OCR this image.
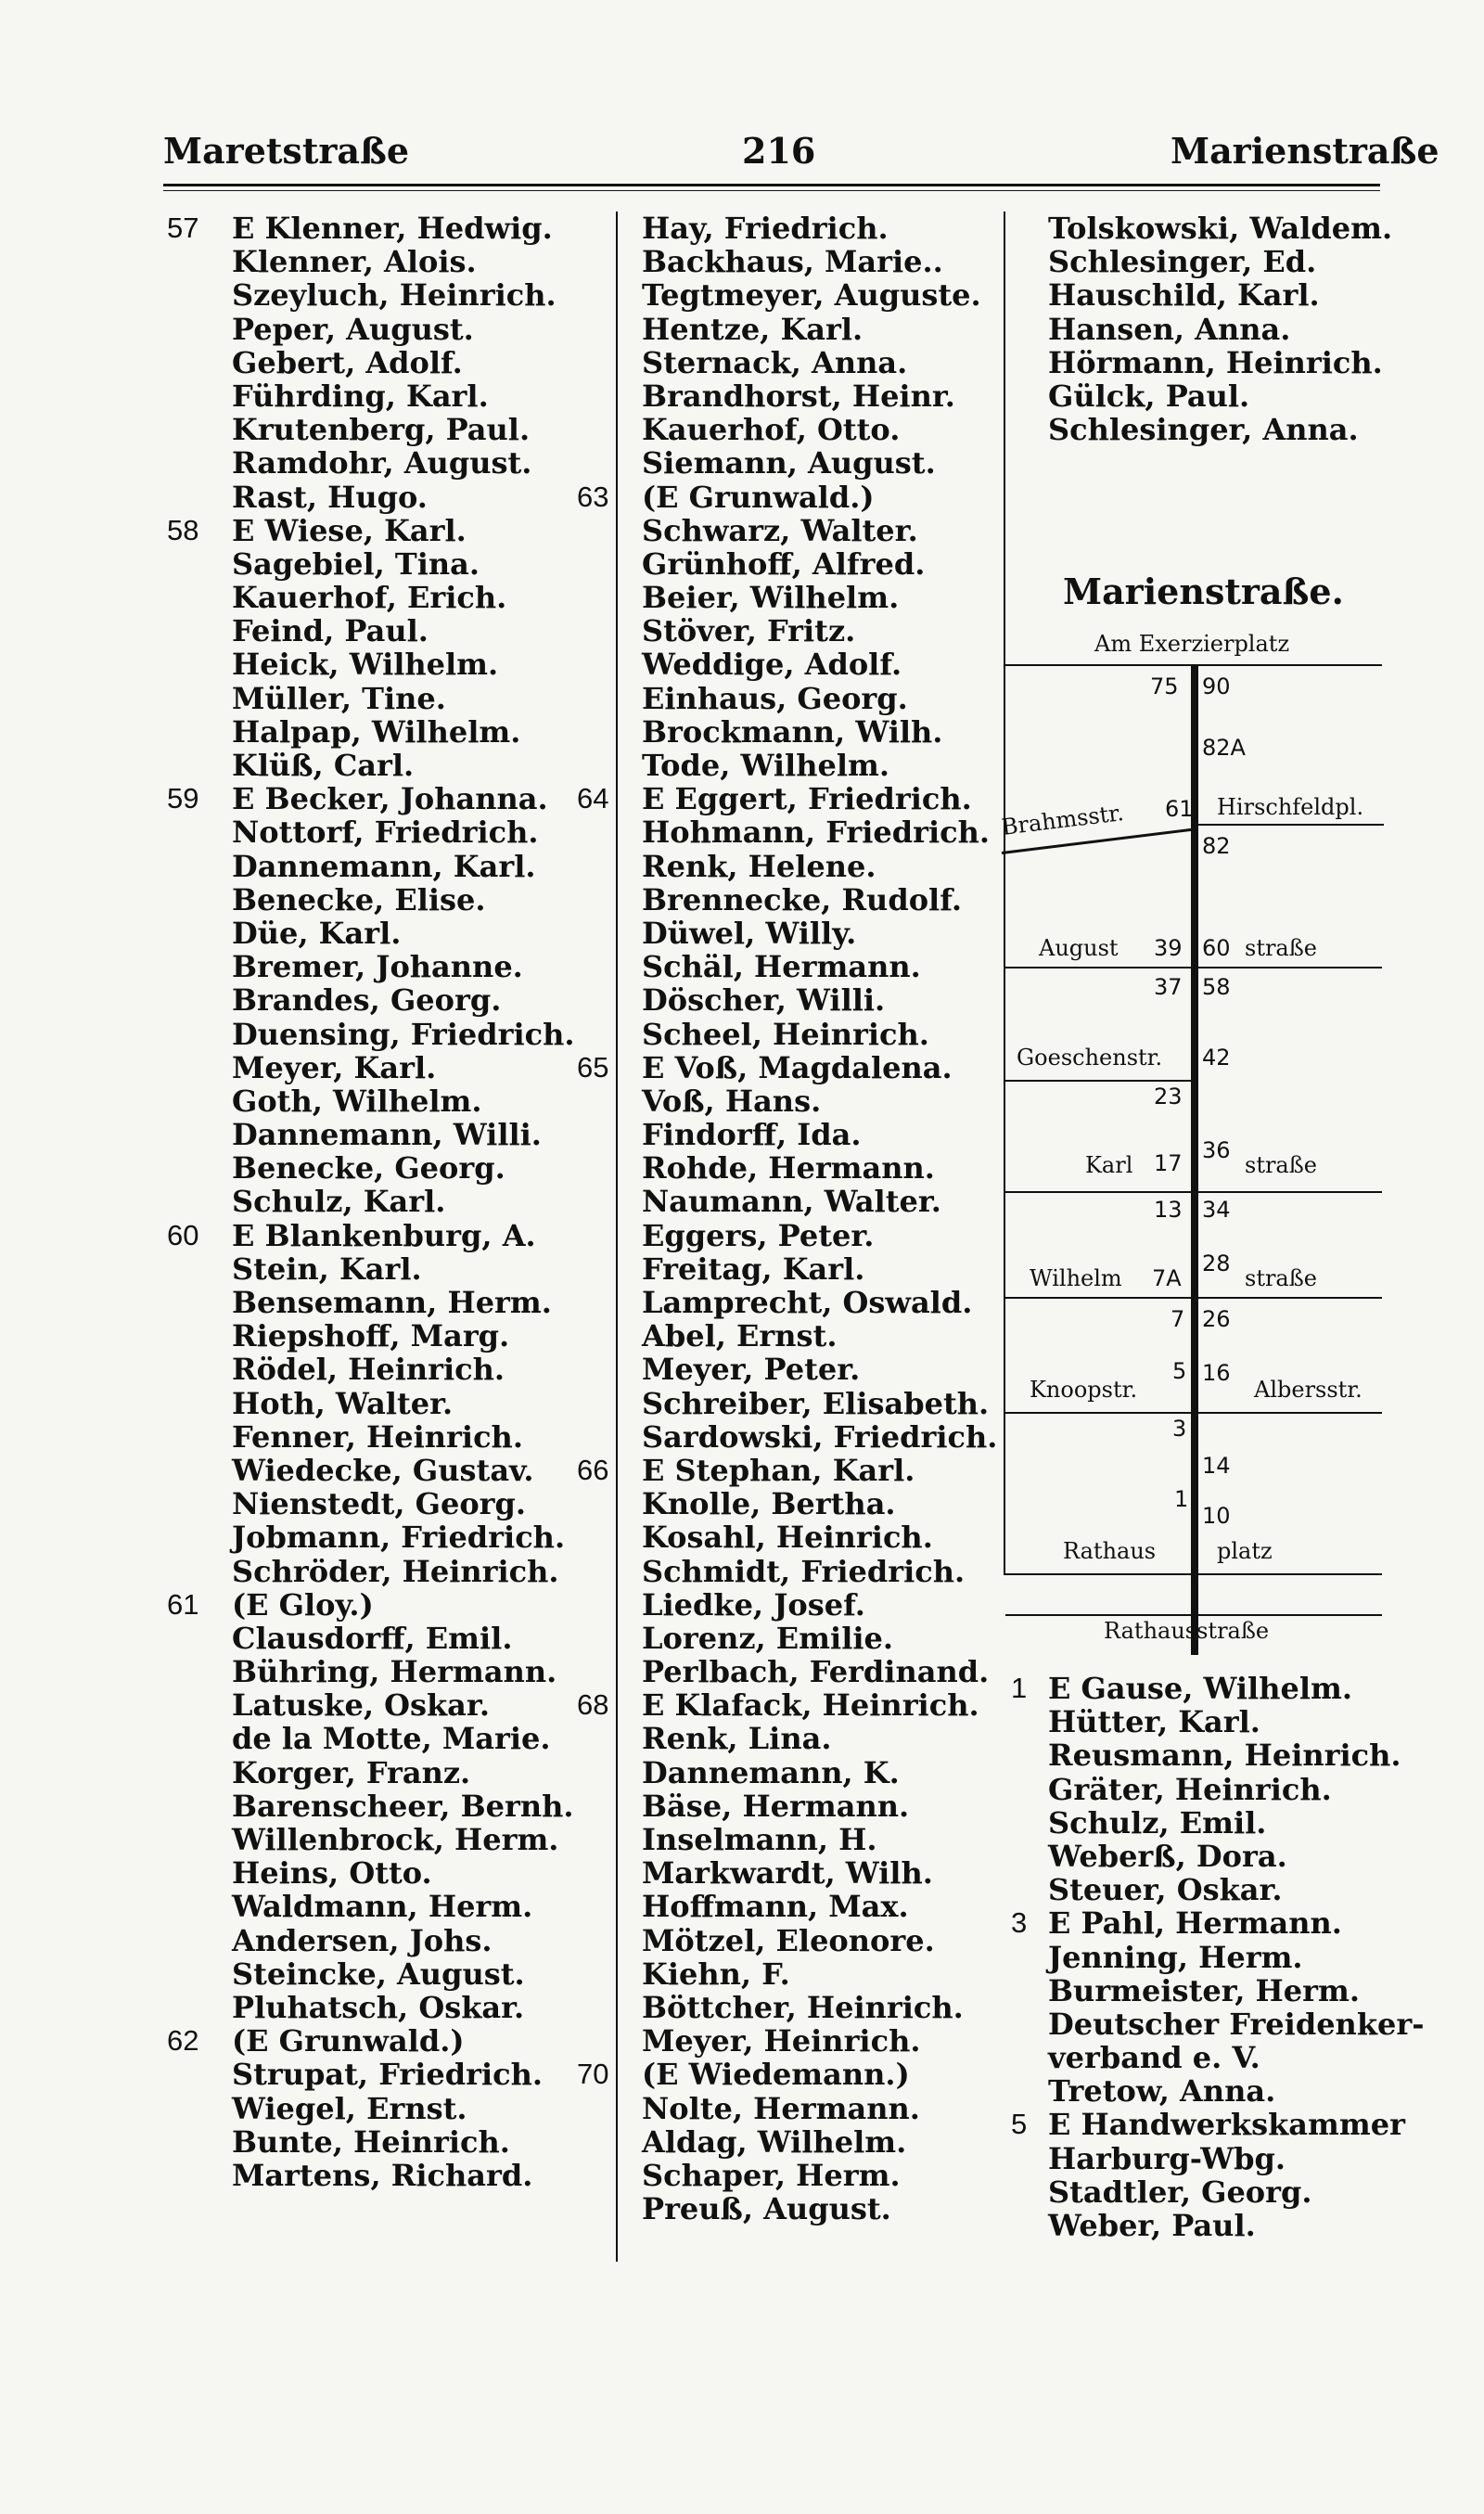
Maretstraße	216	Marienstraße
57 E Klenner, Hedwig.
Klenner, Alois.
Szeyluch, Heinrich.
Peper, August.
Gebert, Adolf.
Führding, Karl.
Krutenberg, Paul.
Ramdohr, August.
Rast, Hugo.
58 E Wiese, Karl.
Sagebiel, Tina.
Kauerhof, Erich.
Feind, Paul.
Heick, Wilhelm.
Müller, Tine.
Halpap, Wilhelm.
Klüß, Carl.
59 E Becker, Johanna.
Nottorf, Friedrich.
Dannemann, Karl.
Benecke, Elise.
Düe, Karl.
Bremer, Johanne.
Brandes, Georg.
Duensing, Friedrich.
Meyer, Karl.
Goth, Wilhelm.
Dannemann, Willi.
Benecke, Georg.
Schulz, Karl.
60 E Blankenburg, A.
Stein, Karl.
Bensemann, Herm.
Riepshoff, Marg.
Rödel, Heinrich.
Hoth, Walter.
Fenner, Heinrich.
Wiedecke, Gustav.
Nienstedt, Georg.
Jobmann, Friedrich.
Schröder, Heinrich.
61 (E Gloy.)
Clausdorff, Emil.
Bühring, Hermann.
Latuske, Oskar.
de la Motte, Marie.
Korger, Franz.
Barenscheer, Bernh.
Willenbrock, Herm.
Heins, Otto.
Waldmann, Herm.
Andersen, Johs.
Steincke, August.
Pluhatsch, Oskar.
62 (E Grunwald.)
Strupat, Friedrich.
Wiegel, Ernst.
Bunte, Heinrich.
Martens, Richard.
Hay, Friedrich.
Backhaus, Marie..
Tegtmeyer, Auguste.
Hentze, Karl.
Sternack, Anna.
Brandhorst, Heinr.
Kauerhof, Otto.
Siemann, August.
63 (E Grunwald.)
Schwarz, Walter.
Grünhoff, Alfred.
Beier, Wilhelm.
Stöver, Fritz.
Weddige, Adolf.
Einhaus, Georg.
Brockmann, Wilh.
Tode, Wilhelm.
64 E Eggert, Friedrich.
Hohmann, Friedrich.
Renk, Helene.
Brennecke, Rudolf.
Düwel, Willy.
Schäl, Hermann.
Döscher, Willi.
Scheel, Heinrich.
65 E Voß, Magdalena.
Voß, Hans.
Findorff, Ida.
Rohde, Hermann.
Naumann, Walter.
Eggers, Peter.
Freitag, Karl.
Lamprecht, Oswald.
Abel, Ernst.
Meyer, Peter.
Schreiber, Elisabeth.
Sardowski, Friedrich.
66 E Stephan, Karl.
Knolle, Bertha.
Kosahl, Heinrich.
Schmidt, Friedrich.
Liedke, Josef.
Lorenz, Emilie.
Perlbach, Ferdinand.
68 E Klafack, Heinrich.
Renk, Lina.
Dannemann, K.
Bäse, Hermann.
Inselmann, H.
Markwardt, Wilh.
Hoffmann, Max.
Mötzel, Eleonore.
Kiehn, F.
Böttcher, Heinrich.
Meyer, Heinrich.
70 (E Wiedemann.)
Nolte, Hermann.
Aldag, Wilhelm.
Schaper, Herm.
Preuß, August.
Tolskowski, Waldem.
Schlesinger, Ed.
Hauschild, Karl.
Hansen, Anna.
Hörmann, Heinrich.
Gülck, Paul.
Schlesinger, Anna.
Marienstraße.
Am Exerzierplatz
75 90
82A
Brahmsstr. 61 Hirschfeldpl.
82
August 39 60 straße
37 58
Goeschenstr. 42
23
Karl 17 36
straße
13 34
Wilhelm 7A
28
straße
7 26
5 16
Knoopstr.	Albersstr.
3
14
1
10
Rathaus	platz
Rathausstraße
1 E Gause, Wilhelm.
Hütter, Karl.
Reusmann, Heinrich.
Gräter, Heinrich.
Schulz, Emil.
Weberß, Dora.
Steuer, Oskar.
3 E Pahl, Hermann.
Jenning, Herm.
Burmeister, Herm.
Deutscher Freidenker-
verband e. V.
Tretow, Anna.
5 E Handwerkskammer
Harburg-Wbg.
Stadtler, Georg.
Weber, Paul.
